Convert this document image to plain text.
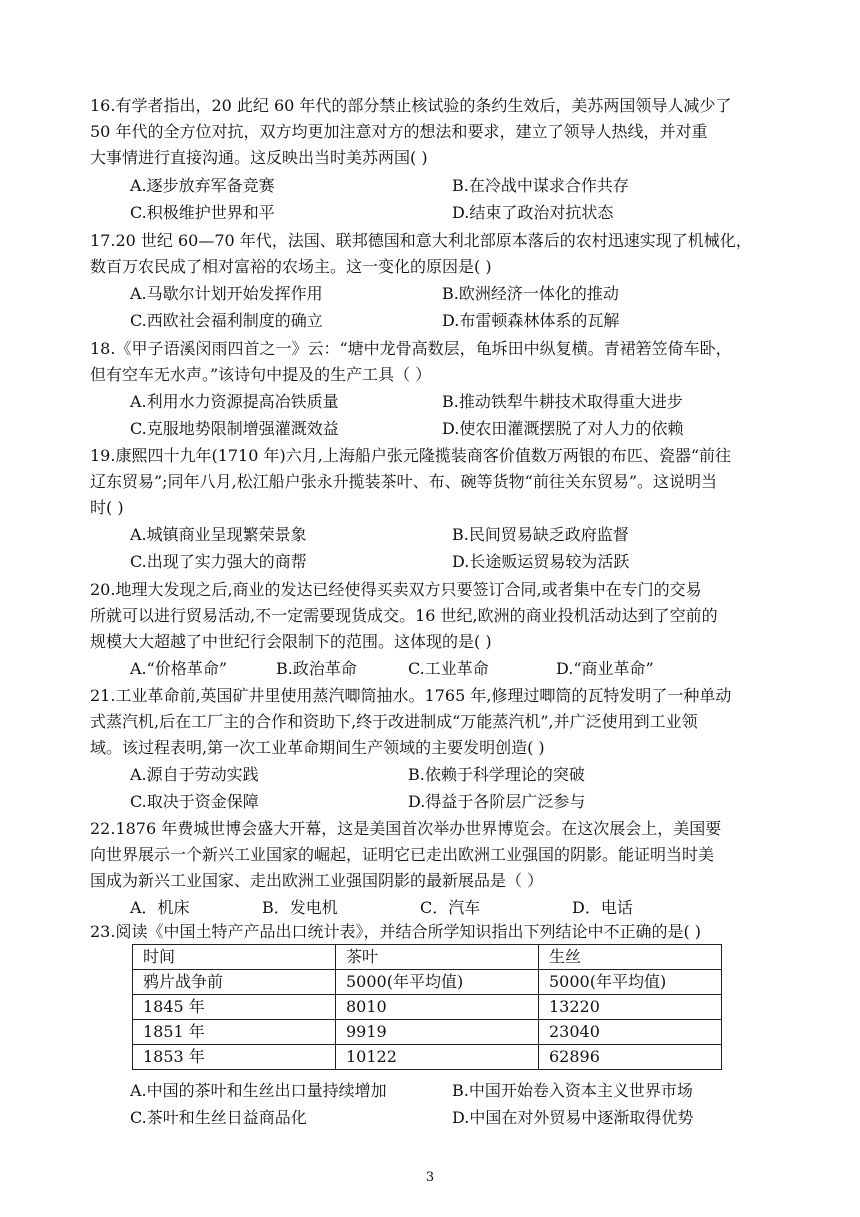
16.有学者指出，20 此纪 60 年代的部分禁止核试验的条约生效后，美苏两国领导人减少了
50 年代的全方位对抗，双方均更加注意对方的想法和要求，建立了领导人热线，并对重
大事情进行直接沟通。这反映出当时美苏两国( )
A.逐步放弃军备竞赛	B.在冷战中谋求合作共存
C.积极维护世界和平	D.结束了政治对抗状态
17.20 世纪 60—70 年代，法国、联邦德国和意大利北部原本落后的农村迅速实现了机械化，
数百万农民成了相对富裕的农场主。这一变化的原因是( )
A.马歇尔计划开始发挥作用	B.欧洲经济一体化的推动
C.西欧社会福利制度的确立	D.布雷顿森林体系的瓦解
18.《甲子语溪闵雨四首之一》云：“塘中龙骨高数层，龟坼田中纵复横。青裙箬笠倚车卧，
但有空车无水声。”该诗句中提及的生产工具（ ）
A.利用水力资源提高冶铁质量	B.推动铁犁牛耕技术取得重大进步
C.克服地势限制增强灌溉效益	D.使农田灌溉摆脱了对人力的依赖
19.康熙四十九年(1710 年)六月,上海船户张元隆揽装商客价值数万两银的布匹、瓷器“前往
辽东贸易”;同年八月,松江船户张永升揽装茶叶、布、碗等货物“前往关东贸易”。这说明当
时( )
A.城镇商业呈现繁荣景象	B.民间贸易缺乏政府监督
C.出现了实力强大的商帮	D.长途贩运贸易较为活跃
20.地理大发现之后,商业的发达已经使得买卖双方只要签订合同,或者集中在专门的交易
所就可以进行贸易活动,不一定需要现货成交。16 世纪,欧洲的商业投机活动达到了空前的
规模大大超越了中世纪行会限制下的范围。这体现的是( )
A.“价格革命”	B.政治革命	C.工业革命	D.“商业革命”
21.工业革命前,英国矿井里使用蒸汽唧筒抽水。1765 年,修理过唧筒的瓦特发明了一种单动
式蒸汽机,后在工厂主的合作和资助下,终于改进制成“万能蒸汽机”,并广泛使用到工业领
域。该过程表明,第一次工业革命期间生产领域的主要发明创造( )
A.源自于劳动实践	B.依赖于科学理论的突破
C.取决于资金保障	D.得益于各阶层广泛参与
22.1876 年费城世博会盛大开幕，这是美国首次举办世界博览会。在这次展会上，美国要
向世界展示一个新兴工业国家的崛起，证明它已走出欧洲工业强国的阴影。能证明当时美
国成为新兴工业国家、走出欧洲工业强国阴影的最新展品是（ ）
A．机床	B．发电机	C．汽车	D．电话
23.阅读《中国土特产产品出口统计表》，并结合所学知识指出下列结论中不正确的是( )
时间	茶叶	生丝
鸦片战争前	5000(年平均值)	5000(年平均值)
1845 年	8010	13220
1851 年	9919	23040
1853 年	10122	62896
A.中国的茶叶和生丝出口量持续增加	B.中国开始卷入资本主义世界市场
C.茶叶和生丝日益商品化	D.中国在对外贸易中逐渐取得优势
3
